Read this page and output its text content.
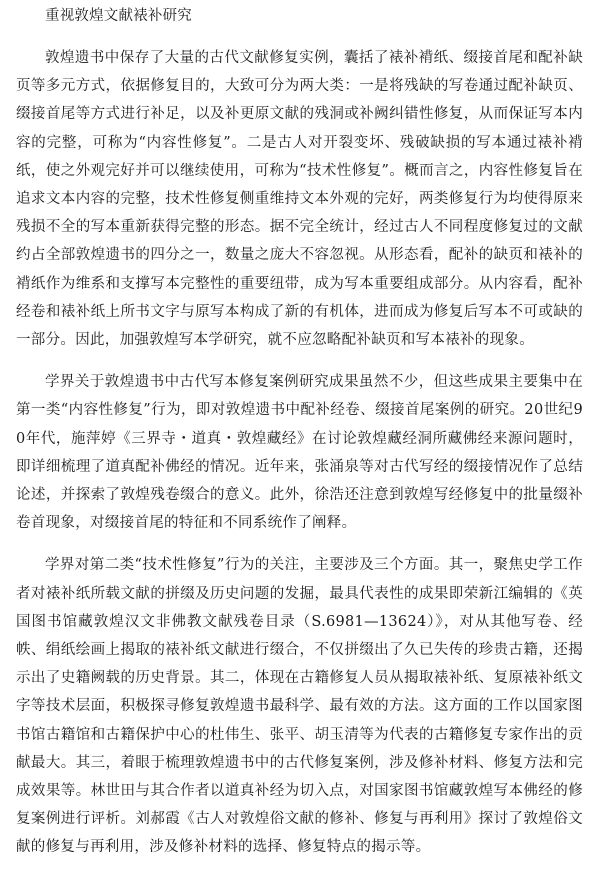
重视敦煌文献裱补研究

敦煌遗书中保存了大量的古代文献修复实例，囊括了裱补褙纸、缀接首尾和配补缺页等多元方式，依据修复目的，大致可分为两大类：一是将残缺的写卷通过配补缺页、缀接首尾等方式进行补足，以及补更原文献的残洞或补阙纠错性修复，从而保证写本内容的完整，可称为“内容性修复”。二是古人对开裂变坏、残破缺损的写本通过裱补褙纸，使之外观完好并可以继续使用，可称为“技术性修复”。概而言之，内容性修复旨在追求文本内容的完整，技术性修复侧重维持文本外观的完好，两类修复行为均使得原来残损不全的写本重新获得完整的形态。据不完全统计，经过古人不同程度修复过的文献约占全部敦煌遗书的四分之一，数量之庞大不容忽视。从形态看，配补的缺页和裱补的褙纸作为维系和支撑写本完整性的重要纽带，成为写本重要组成部分。从内容看，配补经卷和裱补纸上所书文字与原写本构成了新的有机体，进而成为修复后写本不可或缺的一部分。因此，加强敦煌写本学研究，就不应忽略配补缺页和写本裱补的现象。

学界关于敦煌遗书中古代写本修复案例研究成果虽然不少，但这些成果主要集中在第一类“内容性修复”行为，即对敦煌遗书中配补经卷、缀接首尾案例的研究。20世纪90年代，施萍婷《三界寺・道真・敦煌藏经》在讨论敦煌藏经洞所藏佛经来源问题时，即详细梳理了道真配补佛经的情况。近年来，张涌泉等对古代写经的缀接情况作了总结论述，并探索了敦煌残卷缀合的意义。此外，徐浩还注意到敦煌写经修复中的批量缀补卷首现象，对缀接首尾的特征和不同系统作了阐释。

学界对第二类“技术性修复”行为的关注，主要涉及三个方面。其一，聚焦史学工作者对裱补纸所载文献的拼缀及历史问题的发掘，最具代表性的成果即荣新江编辑的《英国图书馆藏敦煌汉文非佛教文献残卷目录（S.6981—13624）》，对从其他写卷、经帙、绢纸绘画上揭取的裱补纸文献进行缀合，不仅拼缀出了久已失传的珍贵古籍，还揭示出了史籍阙载的历史背景。其二，体现在古籍修复人员从揭取裱补纸、复原裱补纸文字等技术层面，积极探寻修复敦煌遗书最科学、最有效的方法。这方面的工作以国家图书馆古籍馆和古籍保护中心的杜伟生、张平、胡玉清等为代表的古籍修复专家作出的贡献最大。其三，着眼于梳理敦煌遗书中的古代修复案例，涉及修补材料、修复方法和完成效果等。林世田与其合作者以道真补经为切入点，对国家图书馆藏敦煌写本佛经的修复案例进行评析。刘郝霞《古人对敦煌俗文献的修补、修复与再利用》探讨了敦煌俗文献的修复与再利用，涉及修补材料的选择、修复特点的揭示等。
